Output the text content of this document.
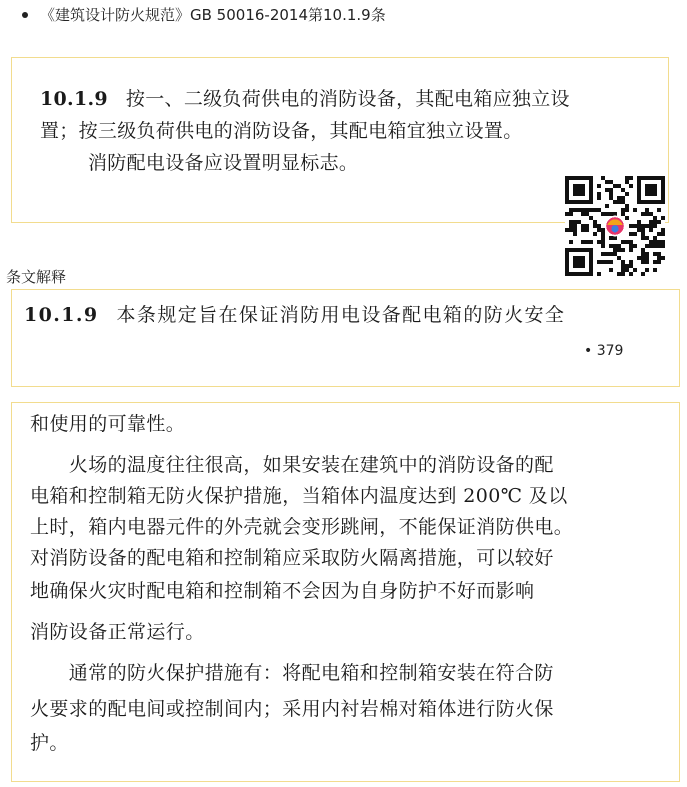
《建筑设计防火规范》GB 50016-2014第10.1.9条
10.1.9 按一、二级负荷供电的消防设备，其配电箱应独立设
置；按三级负荷供电的消防设备，其配电箱宜独立设置。
消防配电设备应设置明显标志。
条文解释
10.1.9 本条规定旨在保证消防用电设备配电箱的防火安全
• 379
和使用的可靠性。
　　火场的温度往往很高，如果安装在建筑中的消防设备的配
电箱和控制箱无防火保护措施，当箱体内温度达到 200℃ 及以
上时，箱内电器元件的外壳就会变形跳闸，不能保证消防供电。
对消防设备的配电箱和控制箱应采取防火隔离措施，可以较好
地确保火灾时配电箱和控制箱不会因为自身防护不好而影响
消防设备正常运行。
　　通常的防火保护措施有：将配电箱和控制箱安装在符合防
火要求的配电间或控制间内；采用内衬岩棉对箱体进行防火保
护。
